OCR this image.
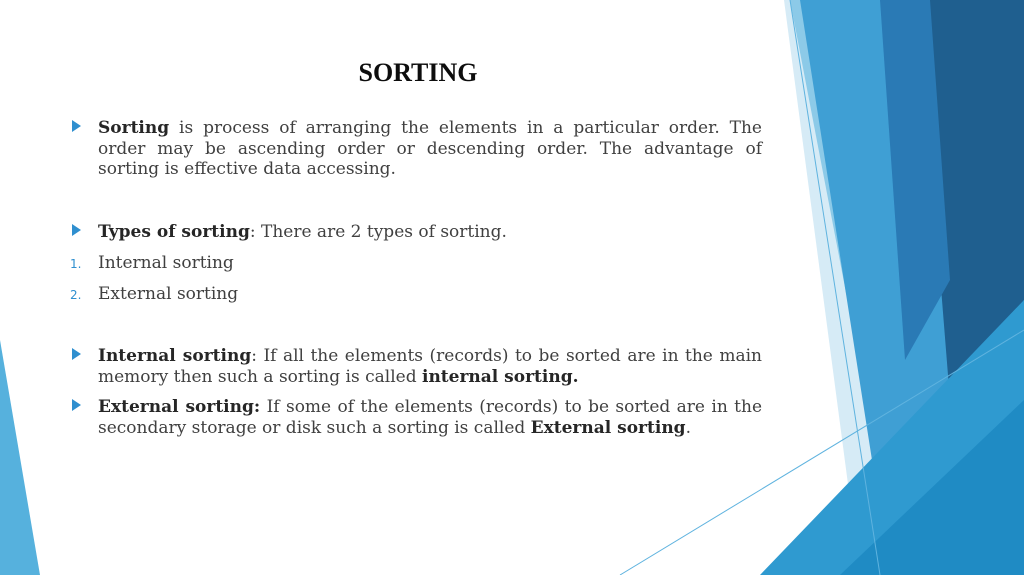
SORTING
Sorting is process of arranging the elements in a particular order. The order may be ascending order or descending order. The advantage of sorting is effective data accessing.
Types of sorting: There are 2 types of sorting.
1. Internal sorting
2. External sorting
Internal sorting: If all the elements (records) to be sorted are in the main memory then such a sorting is called internal sorting.
External sorting: If some of the elements (records) to be sorted are in the secondary storage or disk such a sorting is called External sorting.
